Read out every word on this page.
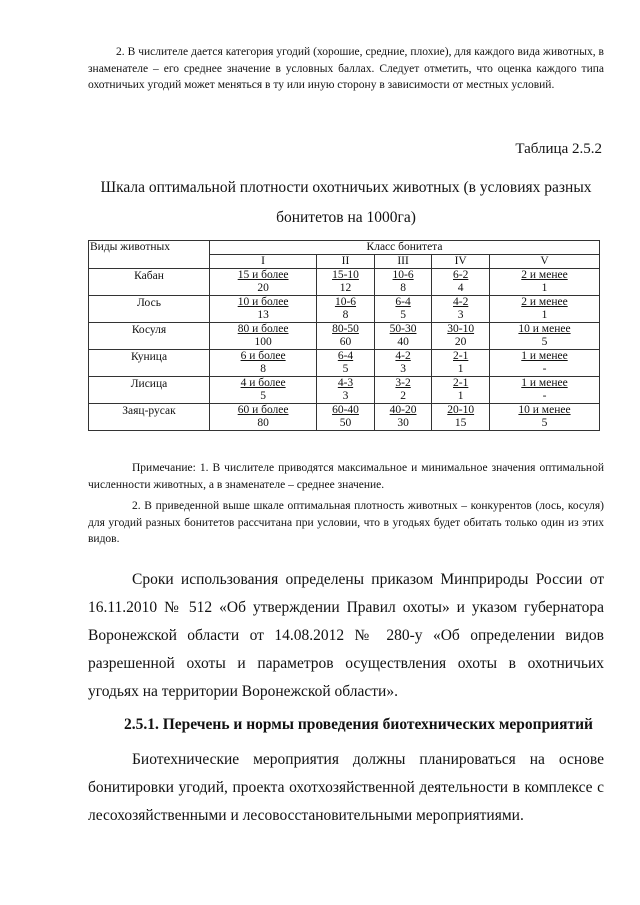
2. В числителе дается категория угодий (хорошие, средние, плохие), для каждого вида животных, в знаменателе – его среднее значение в условных баллах. Следует отметить, что оценка каждого типа охотничьих угодий может меняться в ту или иную сторону в зависимости от местных условий.

Таблица 2.5.2
Шкала оптимальной плотности охотничьих животных (в условиях разных бонитетов на 1000га)
Виды животных	Класс бонитета				
	I	II	III	IV	V
Кабан	15 и более	15-10	10-6	6-2	2 и менее
	20	12	8	4	1
Лось	10 и более	10-6	6-4	4-2	2 и менее
	13	8	5	3	1
Косуля	80 и более	80-50	50-30	30-10	10 и менее
	100	60	40	20	5
Куница	6 и более	6-4	4-2	2-1	1 и менее
	8	5	3	1	-
Лисица	4 и более	4-3	3-2	2-1	1 и менее
	5	3	2	1	-
Заяц-русак	60 и более	60-40	40-20	20-10	10 и менее
	80	50	30	15	5

Примечание: 1. В числителе приводятся максимальное и минимальное значения оптимальной численности животных, а в знаменателе – среднее значение.

2. В приведенной выше шкале оптимальная плотность животных – конкурентов (лось, косуля) для угодий разных бонитетов рассчитана при условии, что в угодьях будет обитать только один из этих видов.

Сроки использования определены приказом Минприроды России от 16.11.2010 № 512 «Об утверждении Правил охоты» и указом губернатора Воронежской области от 14.08.2012 № 280-у «Об определении видов разрешенной охоты и параметров осуществления охоты в охотничьих угодьях на территории Воронежской области».

2.5.1. Перечень и нормы проведения биотехнических мероприятий

Биотехнические мероприятия должны планироваться на основе бонитировки угодий, проекта охотхозяйственной деятельности в комплексе с лесохозяйственными и лесовосстановительными мероприятиями.
